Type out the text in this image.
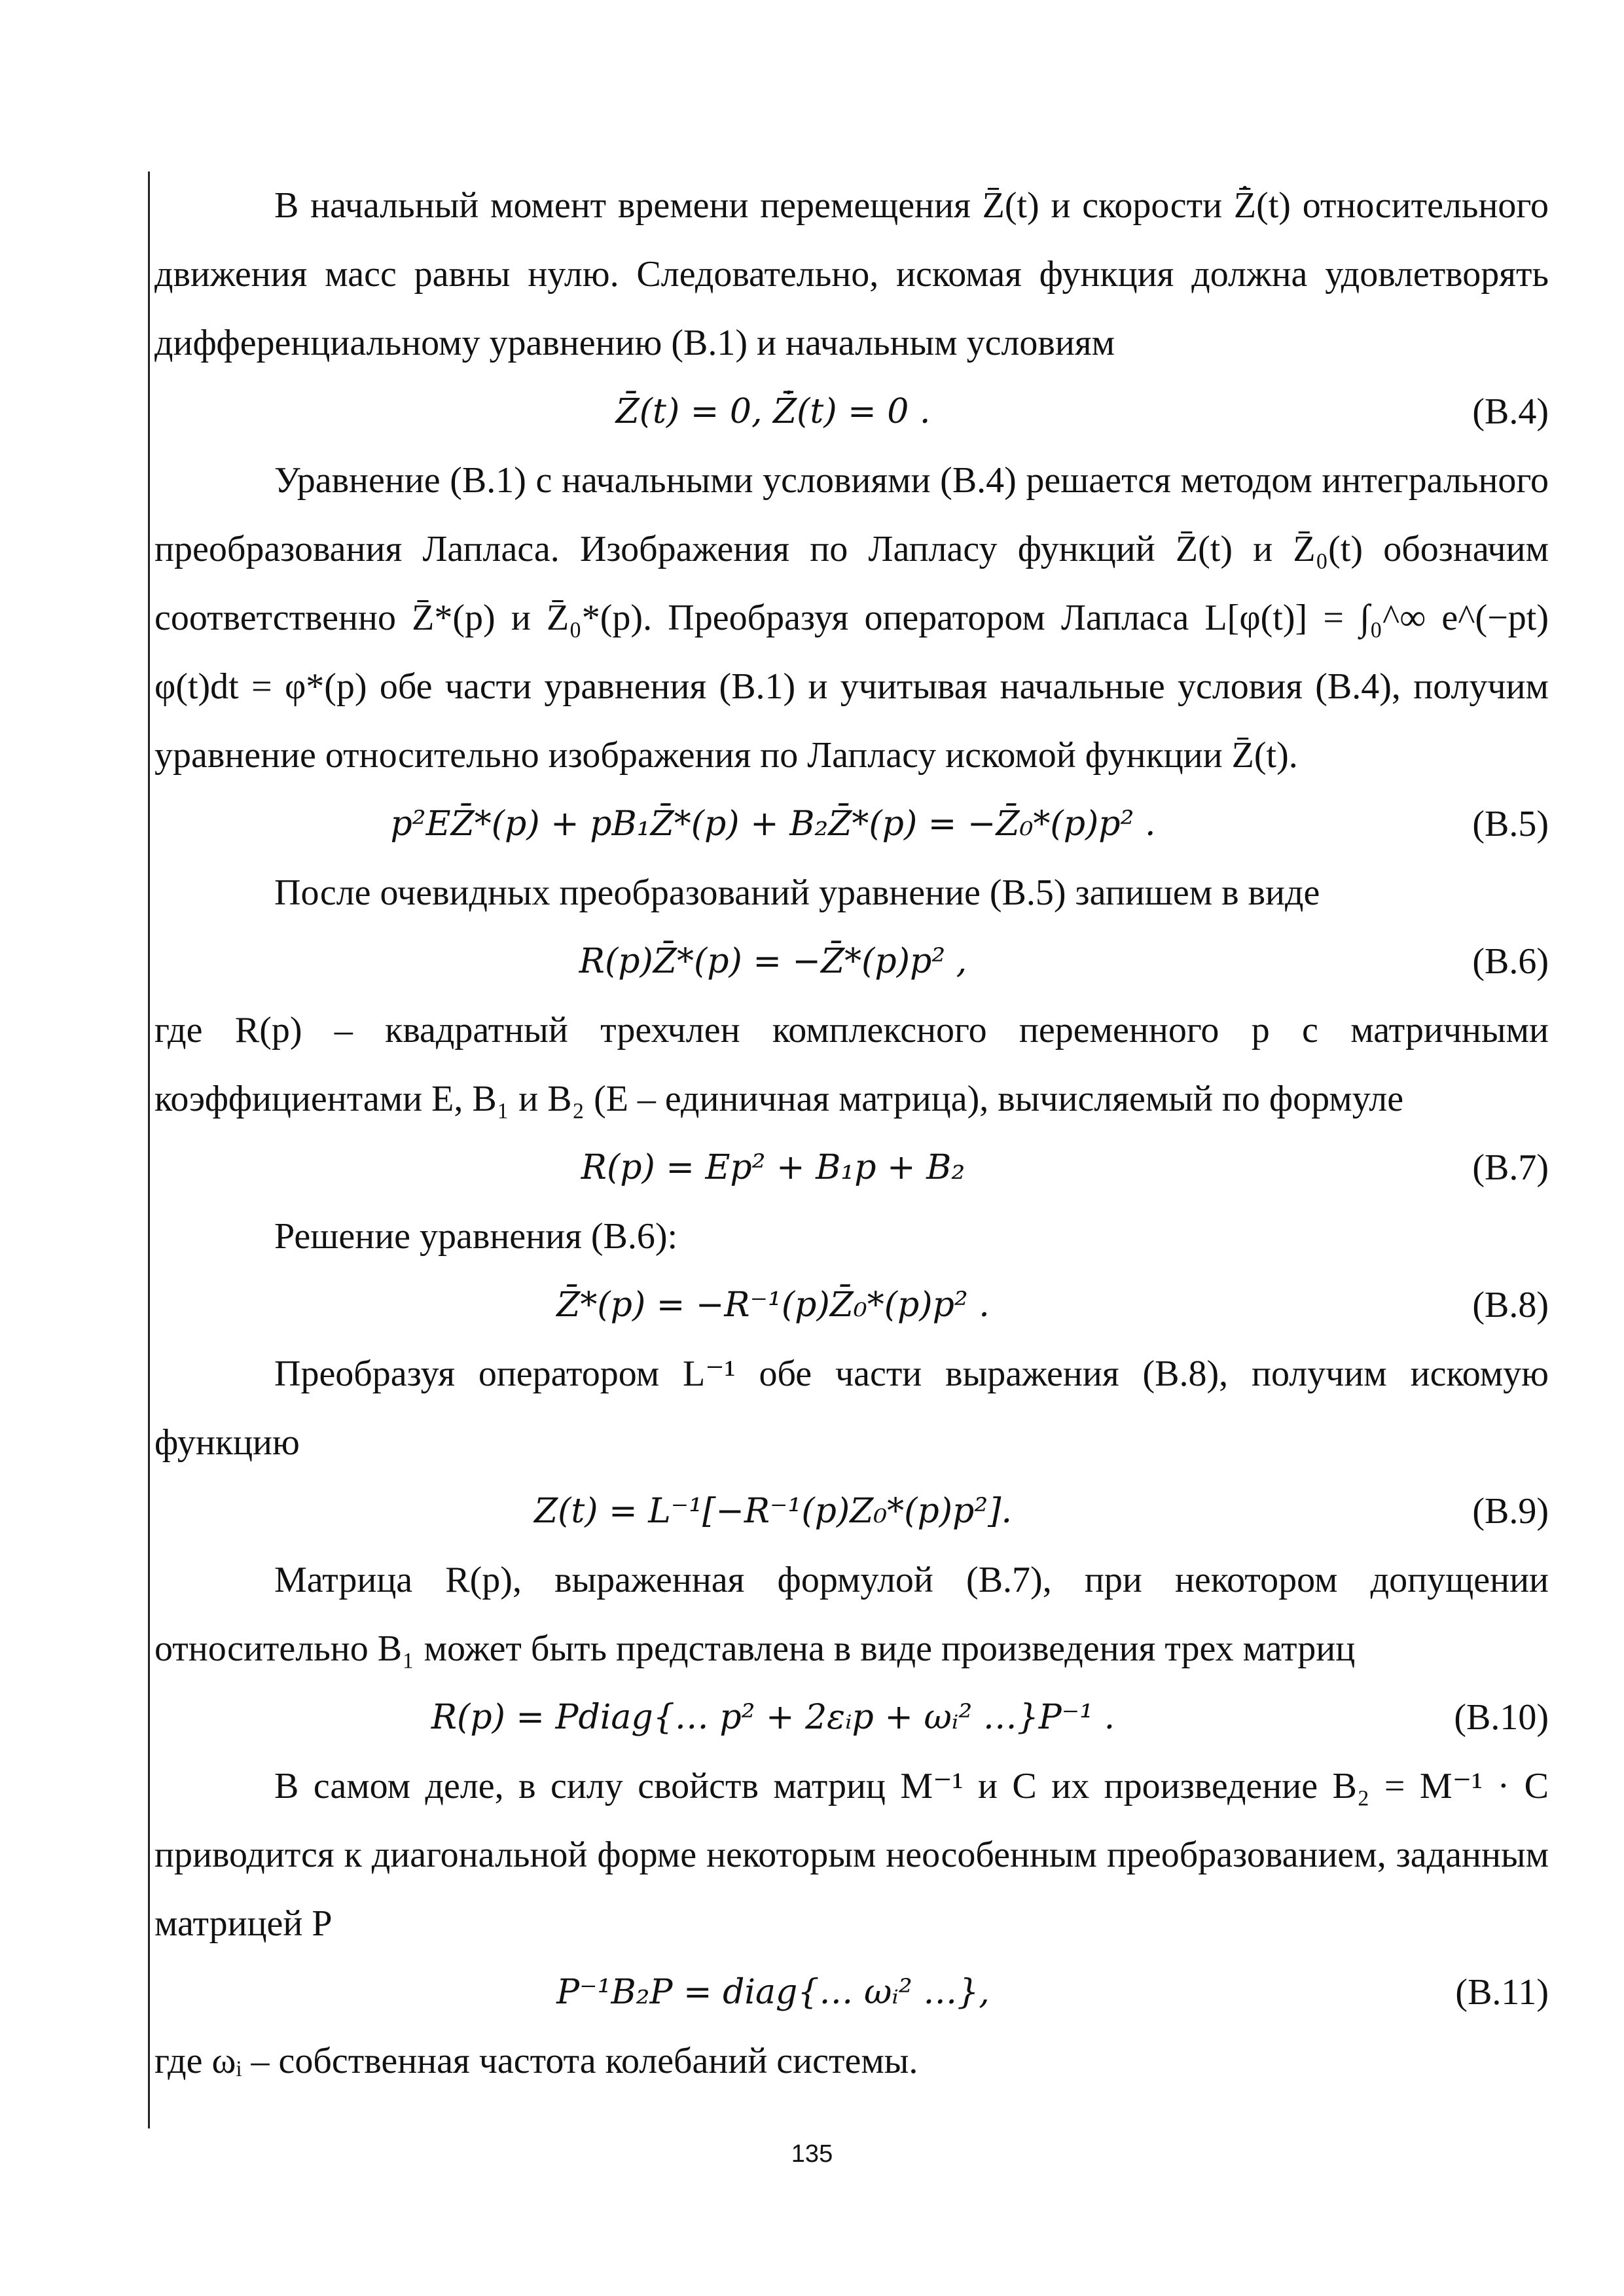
В начальный момент времени перемещения Z̄(t) и скорости Z̄̇(t) относительного движения масс равны нулю. Следовательно, искомая функция должна удовлетворять дифференциальному уравнению (В.1) и начальным условиям

Z̄(t) = 0, Z̄̇(t) = 0 .	(В.4)

Уравнение (В.1) с начальными условиями (В.4) решается методом интегрального преобразования Лапласа. Изображения по Лапласу функций Z̄(t) и Z̄₀(t) обозначим соответственно Z̄*(p) и Z̄₀*(p). Преобразуя оператором Лапласа L[φ(t)] = ∫₀^∞ e^(−pt) φ(t)dt = φ*(p) обе части уравнения (В.1) и учитывая начальные условия (В.4), получим уравнение относительно изображения по Лапласу искомой функции Z̄(t).

p²EZ̄*(p) + pB₁Z̄*(p) + B₂Z̄*(p) = −Z̄₀*(p)p² .	(В.5)

После очевидных преобразований уравнение (В.5) запишем в виде

R(p)Z̄*(p) = −Z̄*(p)p² ,	(В.6)

где R(p) – квадратный трехчлен комплексного переменного p с матричными коэффициентами E, B₁ и B₂ (E – единичная матрица), вычисляемый по формуле

R(p) = Ep² + B₁p + B₂	(В.7)

Решение уравнения (В.6):

Z̄*(p) = −R⁻¹(p)Z̄₀*(p)p² .	(В.8)

Преобразуя оператором L⁻¹ обе части выражения (В.8), получим искомую функцию

Z(t) = L⁻¹[−R⁻¹(p)Z₀*(p)p²].	(В.9)

Матрица R(p), выраженная формулой (В.7), при некотором допущении относительно B₁ может быть представлена в виде произведения трех матриц

R(p) = Pdiag{… p² + 2εᵢp + ωᵢ² …}P⁻¹ .	(В.10)

В самом деле, в силу свойств матриц M⁻¹ и C их произведение B₂ = M⁻¹ · C приводится к диагональной форме некоторым неособенным преобразованием, заданным матрицей P

P⁻¹B₂P = diag{… ωᵢ² …},	(В.11)

где ωᵢ – собственная частота колебаний системы.

135
